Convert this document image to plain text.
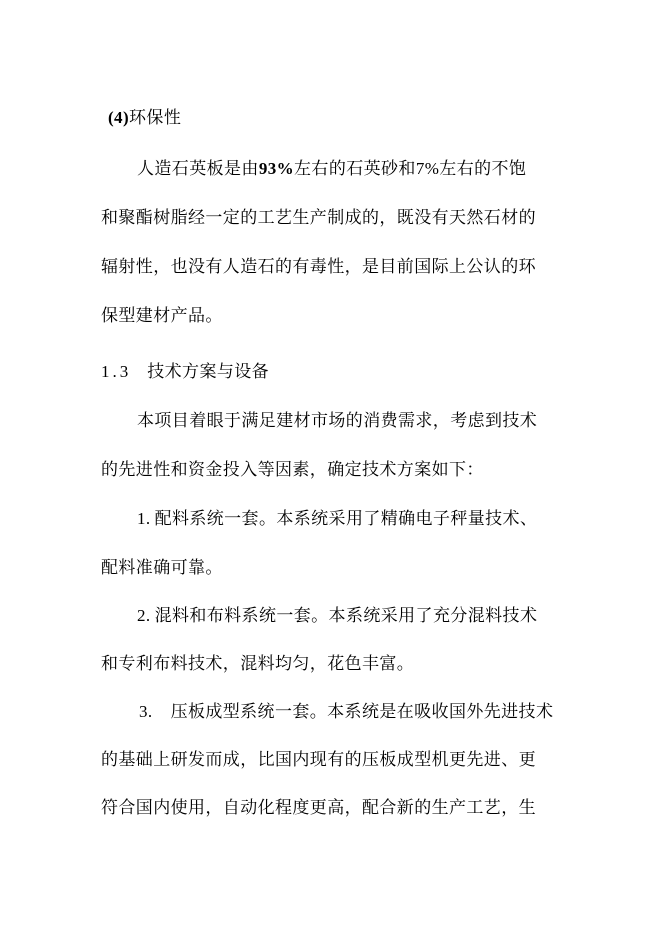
(4)环保性
人造石英板是由93%左右的石英砂和7%左右的不饱
和聚酯树脂经一定的工艺生产制成的，既没有天然石材的
辐射性，也没有人造石的有毒性，是目前国际上公认的环
保型建材产品。
1.3 技术方案与设备
本项目着眼于满足建材市场的消费需求，考虑到技术
的先进性和资金投入等因素，确定技术方案如下：
1. 配料系统一套。本系统采用了精确电子秤量技术、
配料准确可靠。
2. 混料和布料系统一套。本系统采用了充分混料技术
和专利布料技术，混料均匀，花色丰富。
3. 压板成型系统一套。本系统是在吸收国外先进技术
的基础上研发而成，比国内现有的压板成型机更先进、更
符合国内使用，自动化程度更高，配合新的生产工艺，生
